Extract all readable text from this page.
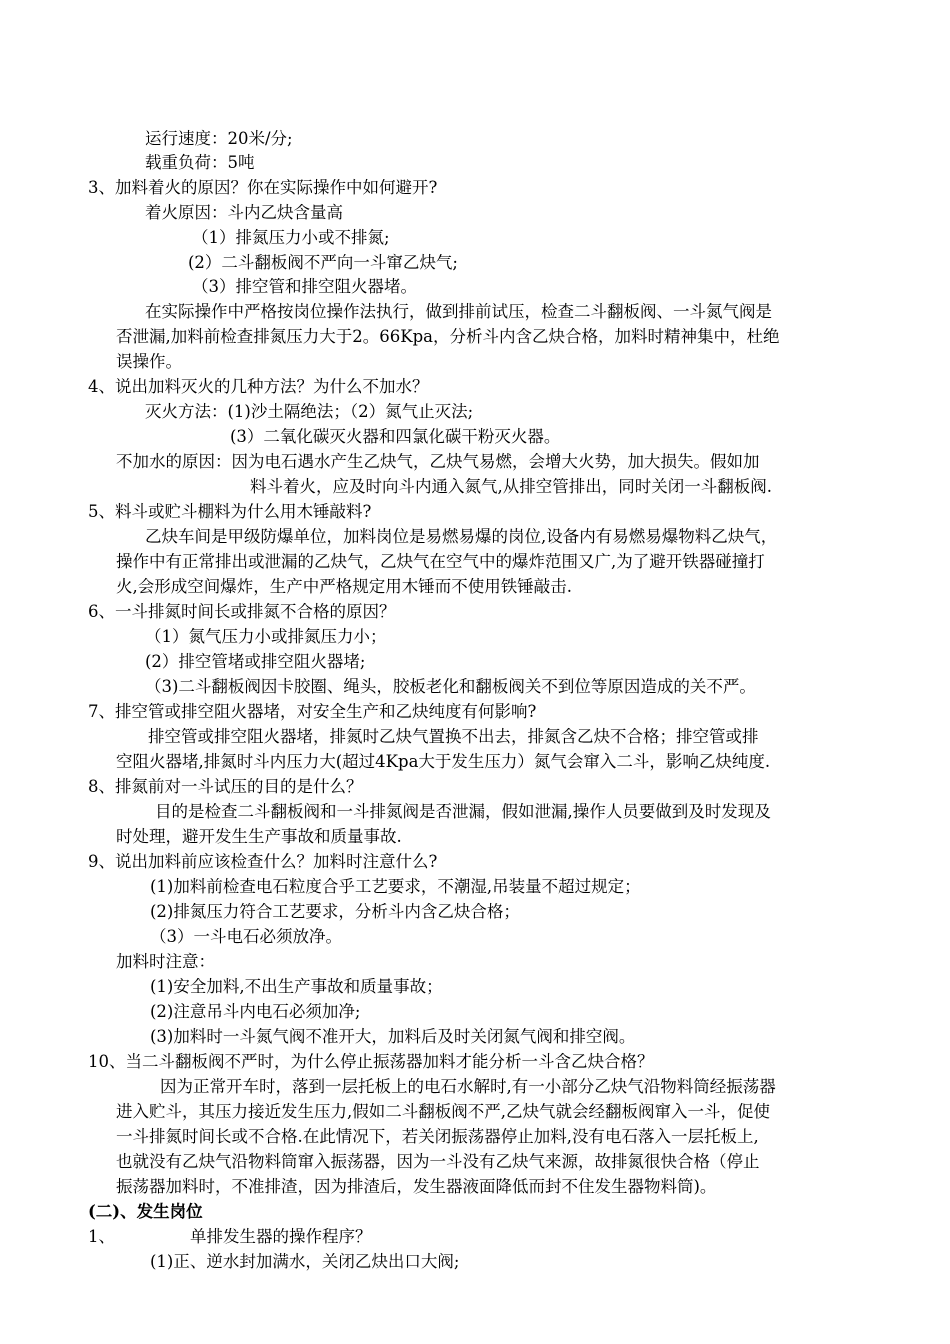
运行速度：20米/分;
载重负荷：5吨
3、加料着火的原因？你在实际操作中如何避开?
着火原因：斗内乙炔含量高
（1）排氮压力小或不排氮;
(2）二斗翻板阀不严向一斗窜乙炔气;
（3）排空管和排空阻火器堵。
在实际操作中严格按岗位操作法执行，做到排前试压，检查二斗翻板阀、一斗氮气阀是
否泄漏,加料前检查排氮压力大于2。66Kpa，分析斗内含乙炔合格，加料时精神集中，杜绝
误操作。
4、说出加料灭火的几种方法？为什么不加水？
灭火方法：(1)沙土隔绝法；（2）氮气止灭法;
(3）二氧化碳灭火器和四氯化碳干粉灭火器。
不加水的原因：因为电石遇水产生乙炔气，乙炔气易燃，会增大火势，加大损失。假如加
料斗着火，应及时向斗内通入氮气,从排空管排出，同时关闭一斗翻板阀.
5、料斗或贮斗棚料为什么用木锤敲料?
乙炔车间是甲级防爆单位，加料岗位是易燃易爆的岗位,设备内有易燃易爆物料乙炔气，
操作中有正常排出或泄漏的乙炔气，乙炔气在空气中的爆炸范围又广,为了避开铁器碰撞打
火,会形成空间爆炸，生产中严格规定用木锤而不使用铁锤敲击.
6、一斗排氮时间长或排氮不合格的原因？
（1）氮气压力小或排氮压力小；
(2）排空管堵或排空阻火器堵;
（3)二斗翻板阀因卡胶圈、绳头，胶板老化和翻板阀关不到位等原因造成的关不严。
7、排空管或排空阻火器堵，对安全生产和乙炔纯度有何影响?
排空管或排空阻火器堵，排氮时乙炔气置换不出去，排氮含乙炔不合格；排空管或排
空阻火器堵,排氮时斗内压力大(超过4Kpa大于发生压力）氮气会窜入二斗，影响乙炔纯度.
8、排氮前对一斗试压的目的是什么？
目的是检查二斗翻板阀和一斗排氮阀是否泄漏，假如泄漏,操作人员要做到及时发现及
时处理，避开发生生产事故和质量事故.
9、说出加料前应该检查什么？加料时注意什么?
(1)加料前检查电石粒度合乎工艺要求，不潮湿,吊装量不超过规定；
(2)排氮压力符合工艺要求，分析斗内含乙炔合格；
（3）一斗电石必须放净。
加料时注意：
(1)安全加料,不出生产事故和质量事故；
(2)注意吊斗内电石必须加净;
(3)加料时一斗氮气阀不准开大，加料后及时关闭氮气阀和排空阀。
10、当二斗翻板阀不严时，为什么停止振荡器加料才能分析一斗含乙炔合格？
因为正常开车时，落到一层托板上的电石水解时,有一小部分乙炔气沿物料筒经振荡器
进入贮斗，其压力接近发生压力,假如二斗翻板阀不严,乙炔气就会经翻板阀窜入一斗，促使
一斗排氮时间长或不合格.在此情况下，若关闭振荡器停止加料,没有电石落入一层托板上,
也就没有乙炔气沿物料筒窜入振荡器，因为一斗没有乙炔气来源，故排氮很快合格（停止
振荡器加料时，不准排渣，因为排渣后，发生器液面降低而封不住发生器物料筒)。
(二)、发生岗位
1、	单排发生器的操作程序？
(1)正、逆水封加满水，关闭乙炔出口大阀;
